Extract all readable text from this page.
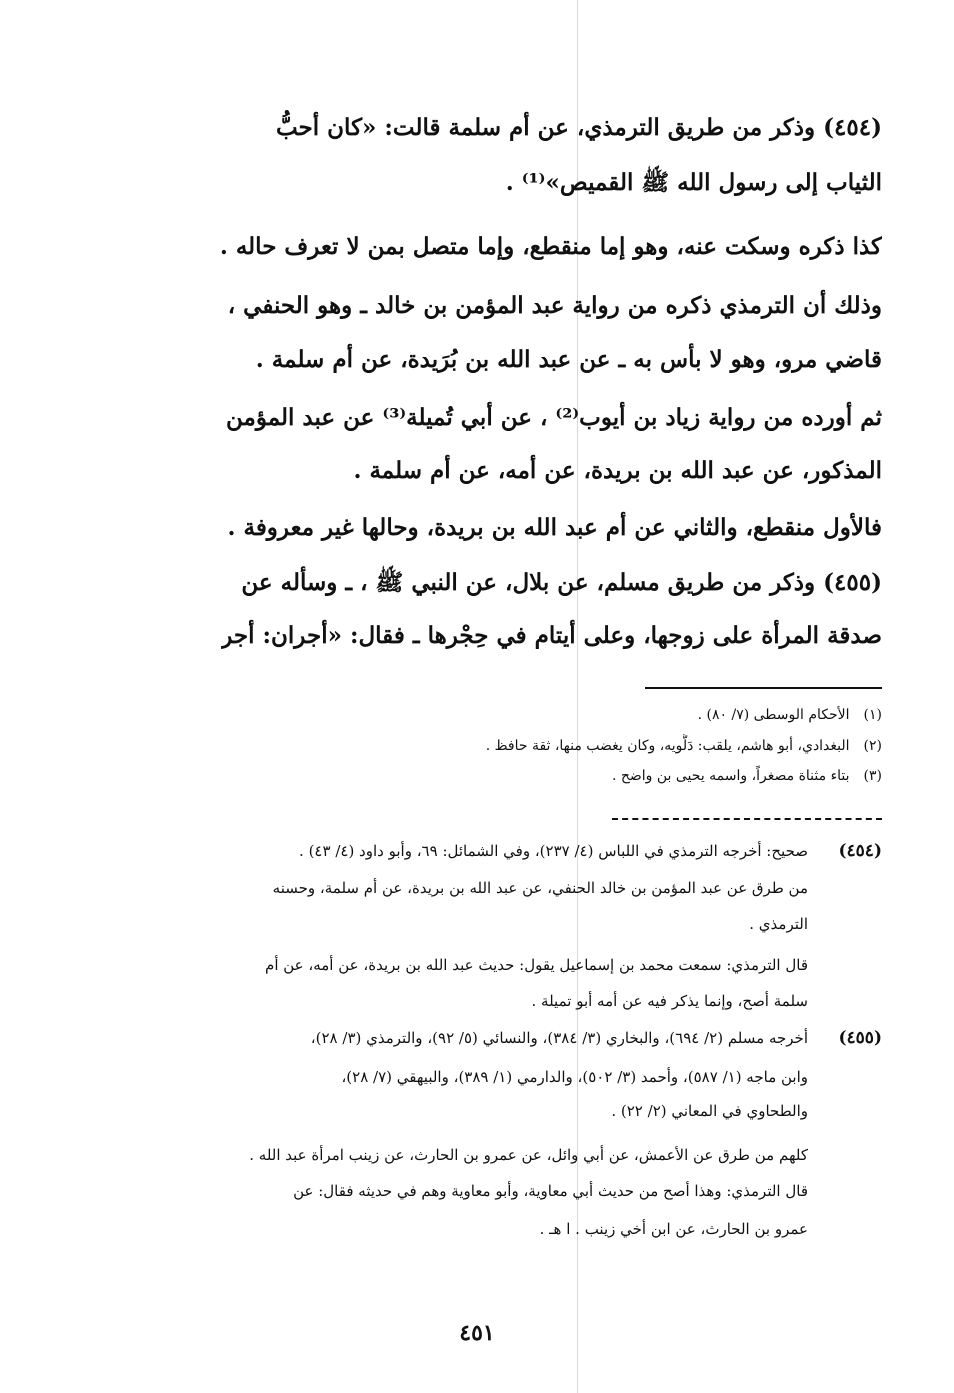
(٤٥٤) وذكر من طريق الترمذي، عن أم سلمة قالت: «كان أحبُّ
الثياب إلى رسول الله ﷺ القميص»⁽¹⁾ .
كذا ذكره وسكت عنه، وهو إما منقطع، وإما متصل بمن لا تعرف حاله .
وذلك أن الترمذي ذكره من رواية عبد المؤمن بن خالد ـ وهو الحنفي ،
قاضي مرو، وهو لا بأس به ـ عن عبد الله بن بُرَيدة، عن أم سلمة .
ثم أورده من رواية زياد بن أيوب⁽²⁾ ، عن أبي تُميلة⁽³⁾ عن عبد المؤمن
المذكور، عن عبد الله بن بريدة، عن أمه، عن أم سلمة .
فالأول منقطع، والثاني عن أم عبد الله بن بريدة، وحالها غير معروفة .
(٤٥٥) وذكر من طريق مسلم، عن بلال، عن النبي ﷺ ، ـ وسأله عن
صدقة المرأة على زوجها، وعلى أيتام في حِجْرها ـ فقال: «أجران: أجر
(١) الأحكام الوسطى (٧/ ٨٠) .
(٢) البغدادي، أبو هاشم، يلقب: دَلُّويه، وكان يغضب منها، ثقة حافظ .
(٣) بتاء مثناة مصغراً، واسمه يحيى بن واضح .
(٤٥٤)
صحيح: أخرجه الترمذي في اللباس (٤/ ٢٣٧)، وفي الشمائل: ٦٩، وأبو داود (٤/ ٤٣) .
من طرق عن عبد المؤمن بن خالد الحنفي، عن عبد الله بن بريدة، عن أم سلمة، وحسنه
الترمذي .
قال الترمذي: سمعت محمد بن إسماعيل يقول: حديث عبد الله بن بريدة، عن أمه، عن أم
سلمة أصح، وإنما يذكر فيه عن أمه أبو تميلة .
(٤٥٥)
أخرجه مسلم (٢/ ٦٩٤)، والبخاري (٣/ ٣٨٤)، والنسائي (٥/ ٩٢)، والترمذي (٣/ ٢٨)،
وابن ماجه (١/ ٥٨٧)، وأحمد (٣/ ٥٠٢)، والدارمي (١/ ٣٨٩)، والبيهقي (٧/ ٢٨)،
والطحاوي في المعاني (٢/ ٢٢) .
كلهم من طرق عن الأعمش، عن أبي وائل، عن عمرو بن الحارث، عن زينب امرأة عبد الله .
قال الترمذي: وهذا أصح من حديث أبي معاوية، وأبو معاوية وهم في حديثه فقال: عن
عمرو بن الحارث، عن ابن أخي زينب . ا هـ .
٤٥١
